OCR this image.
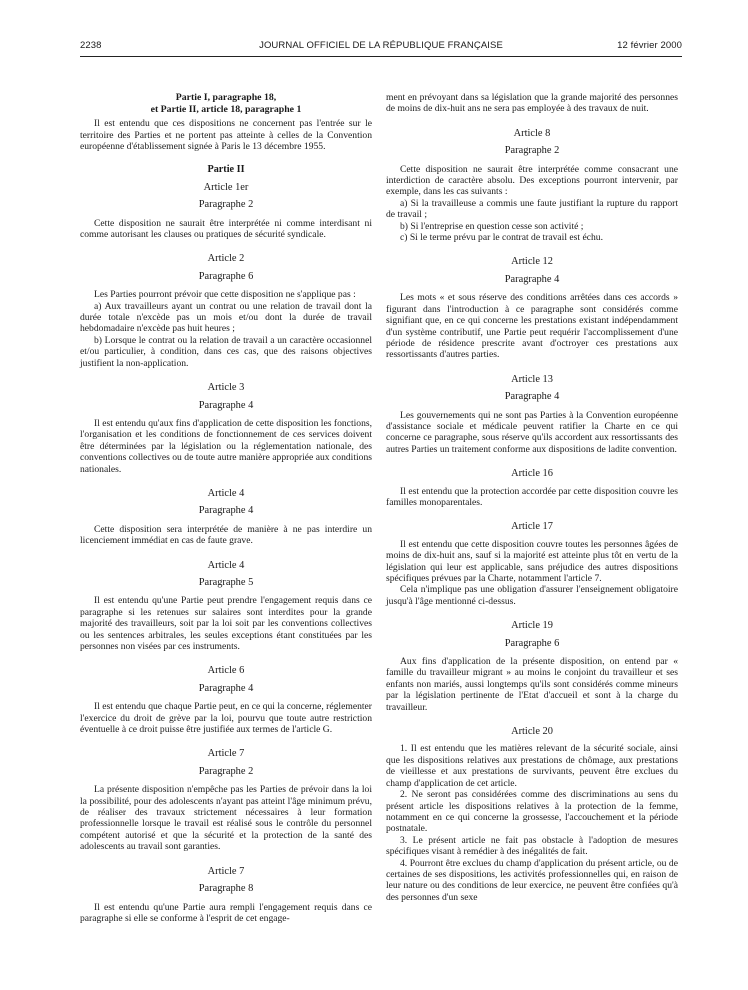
2238	JOURNAL OFFICIEL DE LA RÉPUBLIQUE FRANÇAISE	12 février 2000

Partie I, paragraphe 18,

et Partie II, article 18, paragraphe 1

Il est entendu que ces dispositions ne concernent pas l'entrée sur le territoire des Parties et ne portent pas atteinte à celles de la Convention européenne d'établissement signée à Paris le 13 décembre 1955.

Partie II

Article 1er

Paragraphe 2

Cette disposition ne saurait être interprétée ni comme interdisant ni comme autorisant les clauses ou pratiques de sécurité syndicale.

Article 2

Paragraphe 6

Les Parties pourront prévoir que cette disposition ne s'applique pas :

a) Aux travailleurs ayant un contrat ou une relation de travail dont la durée totale n'excède pas un mois et/ou dont la durée de travail hebdomadaire n'excède pas huit heures ;

b) Lorsque le contrat ou la relation de travail a un caractère occasionnel et/ou particulier, à condition, dans ces cas, que des raisons objectives justifient la non-application.

Article 3

Paragraphe 4

Il est entendu qu'aux fins d'application de cette disposition les fonctions, l'organisation et les conditions de fonctionnement de ces services doivent être déterminées par la législation ou la réglementation nationale, des conventions collectives ou de toute autre manière appropriée aux conditions nationales.

Article 4

Paragraphe 4

Cette disposition sera interprétée de manière à ne pas interdire un licenciement immédiat en cas de faute grave.

Article 4

Paragraphe 5

Il est entendu qu'une Partie peut prendre l'engagement requis dans ce paragraphe si les retenues sur salaires sont interdites pour la grande majorité des travailleurs, soit par la loi soit par les conventions collectives ou les sentences arbitrales, les seules exceptions étant constituées par les personnes non visées par ces instruments.

Article 6

Paragraphe 4

Il est entendu que chaque Partie peut, en ce qui la concerne, réglementer l'exercice du droit de grève par la loi, pourvu que toute autre restriction éventuelle à ce droit puisse être justifiée aux termes de l'article G.

Article 7

Paragraphe 2

La présente disposition n'empêche pas les Parties de prévoir dans la loi la possibilité, pour des adolescents n'ayant pas atteint l'âge minimum prévu, de réaliser des travaux strictement nécessaires à leur formation professionnelle lorsque le travail est réalisé sous le contrôle du personnel compétent autorisé et que la sécurité et la protection de la santé des adolescents au travail sont garanties.

Article 7

Paragraphe 8

Il est entendu qu'une Partie aura rempli l'engagement requis dans ce paragraphe si elle se conforme à l'esprit de cet engage-

ment en prévoyant dans sa législation que la grande majorité des personnes de moins de dix-huit ans ne sera pas employée à des travaux de nuit.

Article 8

Paragraphe 2

Cette disposition ne saurait être interprétée comme consacrant une interdiction de caractère absolu. Des exceptions pourront intervenir, par exemple, dans les cas suivants :

a) Si la travailleuse a commis une faute justifiant la rupture du rapport de travail ;

b) Si l'entreprise en question cesse son activité ;

c) Si le terme prévu par le contrat de travail est échu.

Article 12

Paragraphe 4

Les mots « et sous réserve des conditions arrêtées dans ces accords » figurant dans l'introduction à ce paragraphe sont considérés comme signifiant que, en ce qui concerne les prestations existant indépendamment d'un système contributif, une Partie peut requérir l'accomplissement d'une période de résidence prescrite avant d'octroyer ces prestations aux ressortissants d'autres parties.

Article 13

Paragraphe 4

Les gouvernements qui ne sont pas Parties à la Convention européenne d'assistance sociale et médicale peuvent ratifier la Charte en ce qui concerne ce paragraphe, sous réserve qu'ils accordent aux ressortissants des autres Parties un traitement conforme aux dispositions de ladite convention.

Article 16

Il est entendu que la protection accordée par cette disposition couvre les familles monoparentales.

Article 17

Il est entendu que cette disposition couvre toutes les personnes âgées de moins de dix-huit ans, sauf si la majorité est atteinte plus tôt en vertu de la législation qui leur est applicable, sans préjudice des autres dispositions spécifiques prévues par la Charte, notamment l'article 7.

Cela n'implique pas une obligation d'assurer l'enseignement obligatoire jusqu'à l'âge mentionné ci-dessus.

Article 19

Paragraphe 6

Aux fins d'application de la présente disposition, on entend par « famille du travailleur migrant » au moins le conjoint du travailleur et ses enfants non mariés, aussi longtemps qu'ils sont considérés comme mineurs par la législation pertinente de l'Etat d'accueil et sont à la charge du travailleur.

Article 20

1. Il est entendu que les matières relevant de la sécurité sociale, ainsi que les dispositions relatives aux prestations de chômage, aux prestations de vieillesse et aux prestations de survivants, peuvent être exclues du champ d'application de cet article.

2. Ne seront pas considérées comme des discriminations au sens du présent article les dispositions relatives à la protection de la femme, notamment en ce qui concerne la grossesse, l'accouchement et la période postnatale.

3. Le présent article ne fait pas obstacle à l'adoption de mesures spécifiques visant à remédier à des inégalités de fait.

4. Pourront être exclues du champ d'application du présent article, ou de certaines de ses dispositions, les activités professionnelles qui, en raison de leur nature ou des conditions de leur exercice, ne peuvent être confiées qu'à des personnes d'un sexe
